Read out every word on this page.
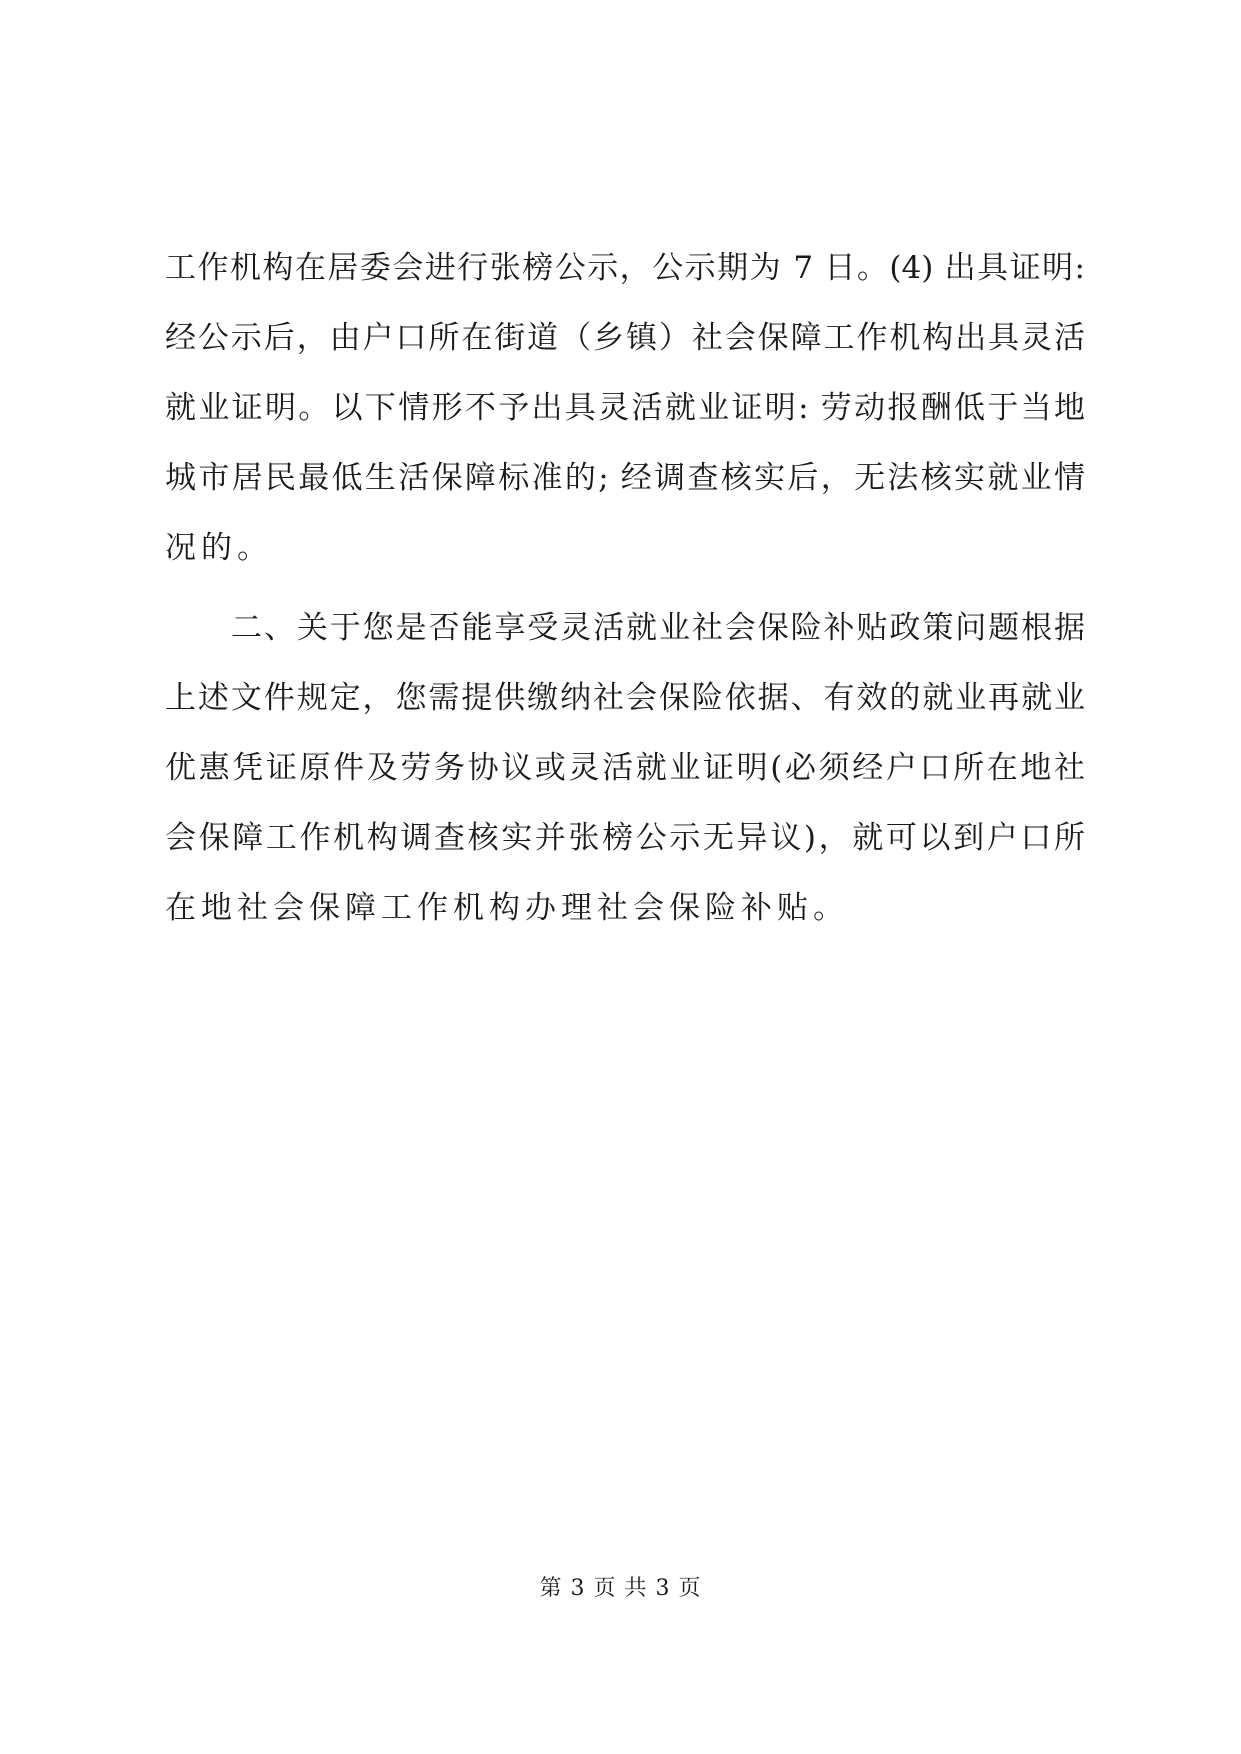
工作机构在居委会进行张榜公示，公示期为 7 日。(4) 出具证明:
经公示后，由户口所在街道（乡镇）社会保障工作机构出具灵活
就业证明。以下情形不予出具灵活就业证明: 劳动报酬低于当地
城市居民最低生活保障标准的; 经调查核实后，无法核实就业情
况的。
二、关于您是否能享受灵活就业社会保险补贴政策问题根据
上述文件规定，您需提供缴纳社会保险依据、有效的就业再就业
优惠凭证原件及劳务协议或灵活就业证明(必须经户口所在地社
会保障工作机构调查核实并张榜公示无异议)，就可以到户口所
在地社会保障工作机构办理社会保险补贴。
第 3 页 共 3 页
